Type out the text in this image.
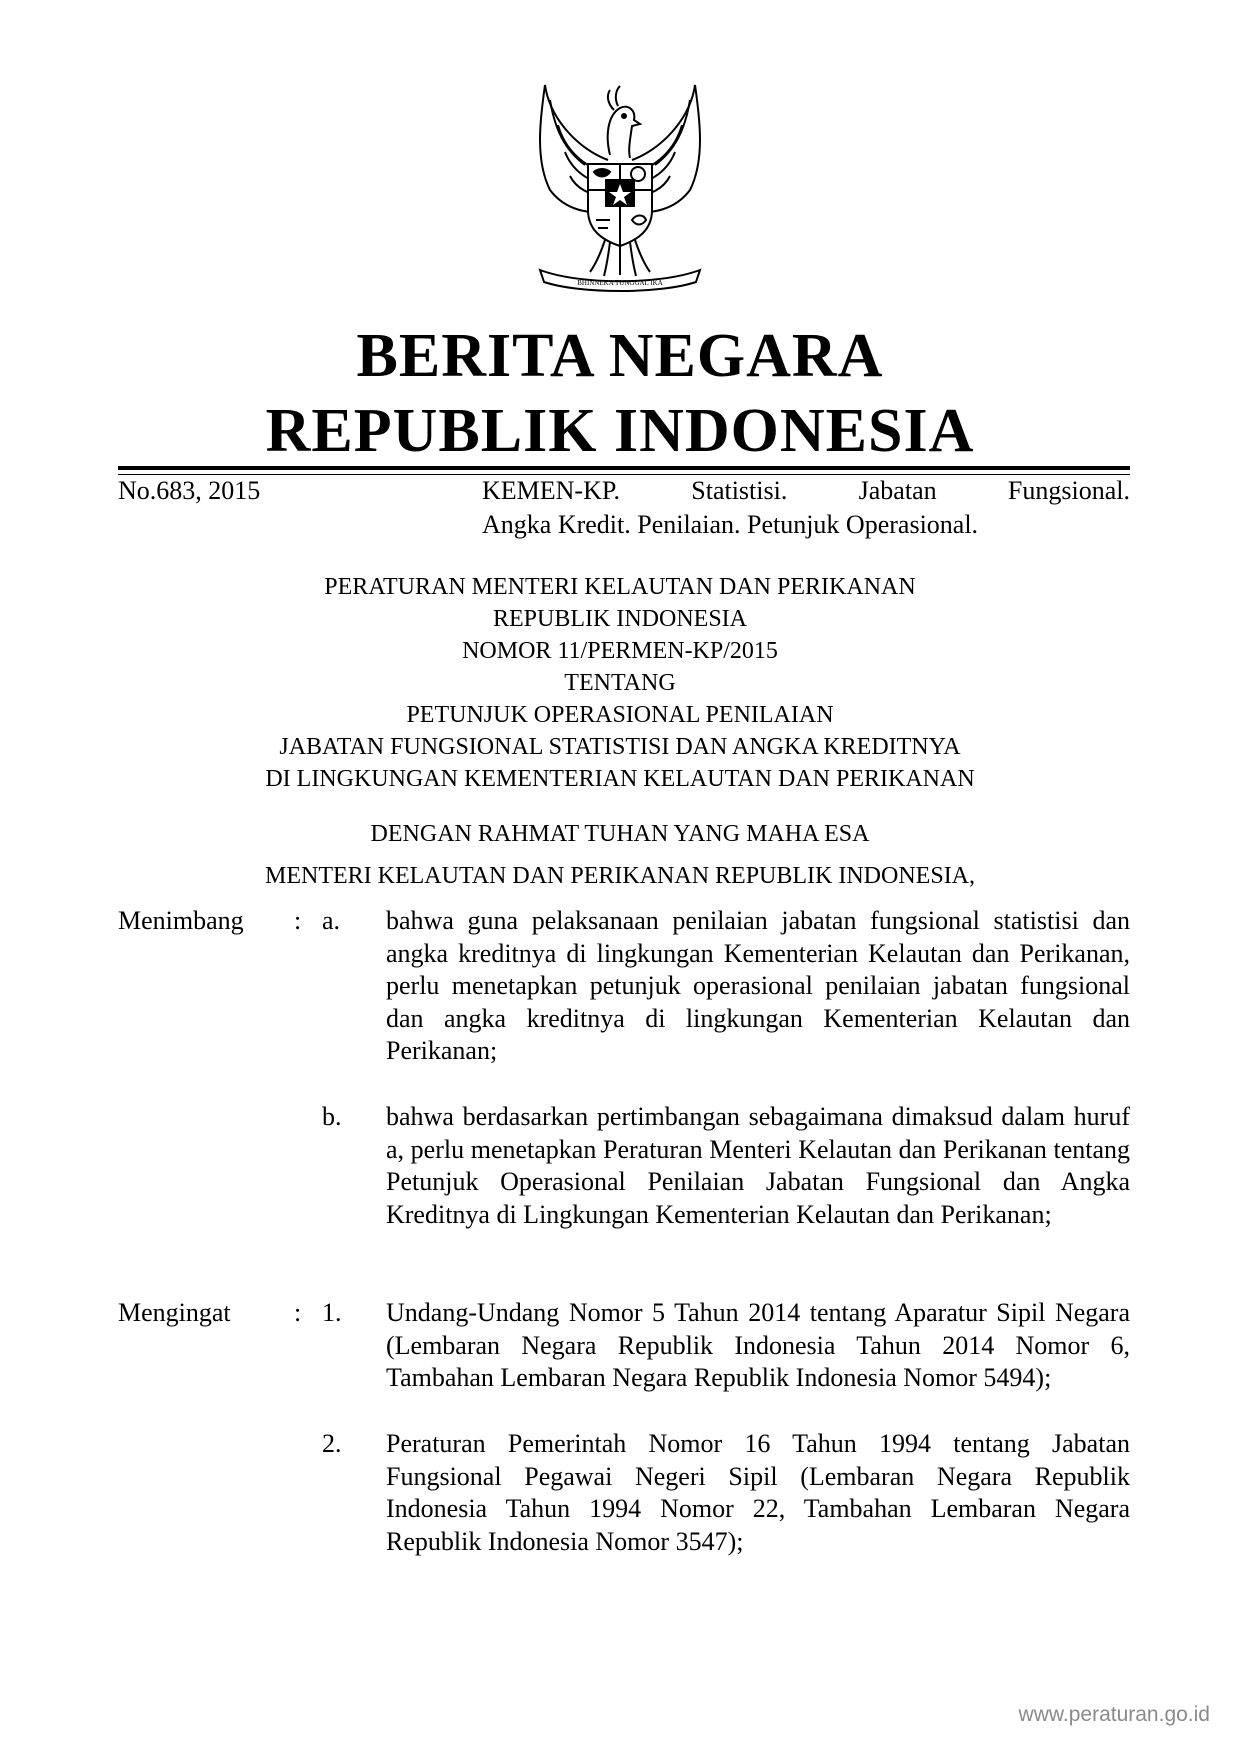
BHINNEKA TUNGGAL IKA
BERITA NEGARA
REPUBLIK INDONESIA
No.683, 2015	KEMEN-KP. Statistisi. Jabatan Fungsional.
Angka Kredit. Penilaian. Petunjuk Operasional.
PERATURAN MENTERI KELAUTAN DAN PERIKANAN
REPUBLIK INDONESIA
NOMOR 11/PERMEN-KP/2015
TENTANG
PETUNJUK OPERASIONAL PENILAIAN
JABATAN FUNGSIONAL STATISTISI DAN ANGKA KREDITNYA
DI LINGKUNGAN KEMENTERIAN KELAUTAN DAN PERIKANAN
DENGAN RAHMAT TUHAN YANG MAHA ESA
MENTERI KELAUTAN DAN PERIKANAN REPUBLIK INDONESIA,
Menimbang : a. bahwa guna pelaksanaan penilaian jabatan fungsional statistisi dan angka kreditnya di lingkungan Kementerian Kelautan dan Perikanan, perlu menetapkan petunjuk operasional penilaian jabatan fungsional dan angka kreditnya di lingkungan Kementerian Kelautan dan Perikanan;
b. bahwa berdasarkan pertimbangan sebagaimana dimaksud dalam huruf a, perlu menetapkan Peraturan Menteri Kelautan dan Perikanan tentang Petunjuk Operasional Penilaian Jabatan Fungsional dan Angka Kreditnya di Lingkungan Kementerian Kelautan dan Perikanan;
Mengingat : 1. Undang-Undang Nomor 5 Tahun 2014 tentang Aparatur Sipil Negara (Lembaran Negara Republik Indonesia Tahun 2014 Nomor 6, Tambahan Lembaran Negara Republik Indonesia Nomor 5494);
2. Peraturan Pemerintah Nomor 16 Tahun 1994 tentang Jabatan Fungsional Pegawai Negeri Sipil (Lembaran Negara Republik Indonesia Tahun 1994 Nomor 22, Tambahan Lembaran Negara Republik Indonesia Nomor 3547);
www.peraturan.go.id
